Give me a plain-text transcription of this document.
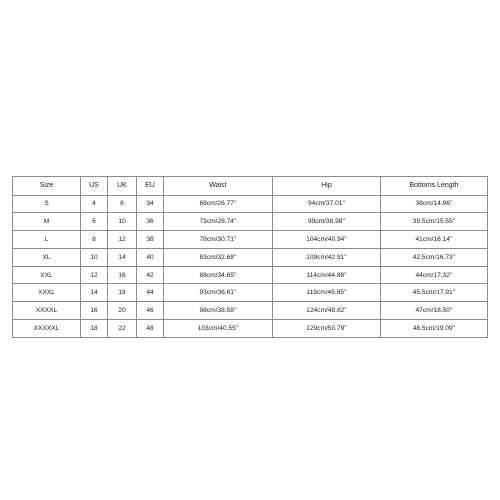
Size	US	UK	EU	Waist	Hip	Bottoms Length
S	4	8	34	68cm/26.77''	94cm/37.01''	38cm/14.96''
M	6	10	36	73cm/28.74''	99cm/38.98''	39.5cm/15.55''
L	8	12	38	78cm/30.71''	104cm/40.94''	41cm/16.14''
XL	10	14	40	83cm/32.68''	109cm/42.91''	42.5cm/16.73''
XXL	12	16	42	88cm/34.65''	114cm/44.88''	44cm/17.32''
XXXL	14	18	44	93cm/36.61''	119cm/46.85''	45.5cm/17.91''
XXXXL	16	20	46	98cm/38.58''	124cm/48.82''	47cm/18.50''
XXXXXL	18	22	48	103cm/40.55''	129cm/50.79''	48.5cm/19.09''
